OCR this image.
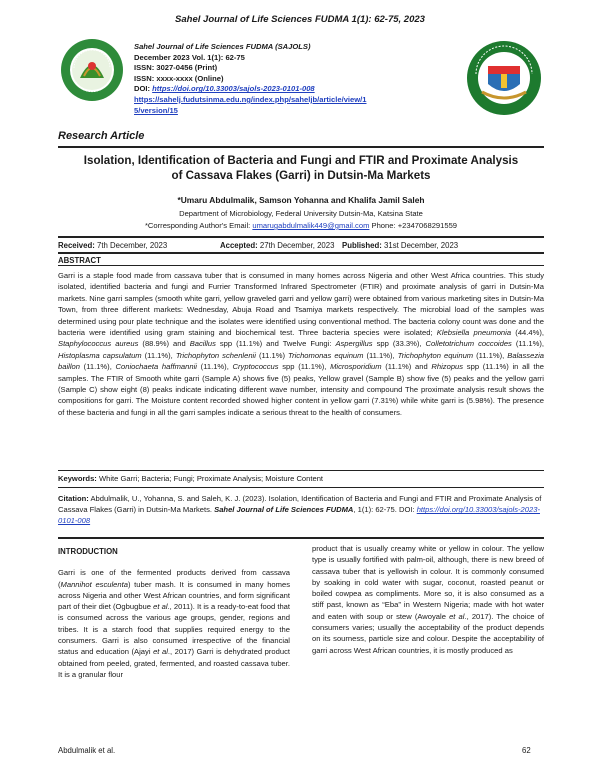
Sahel Journal of Life Sciences FUDMA 1(1): 62-75, 2023
Sahel Journal of Life Sciences FUDMA (SAJOLS)
December 2023 Vol. 1(1): 62-75
ISSN: 3027-0456 (Print)
ISSN: xxxx-xxxx (Online)
DOI: https://doi.org/10.33003/sajols-2023-0101-008
https://sahelj.fudutsinma.edu.ng/index.php/saheljb/article/view/1
5/version/15
Research Article
Isolation, Identification of Bacteria and Fungi and FTIR and Proximate Analysis
of Cassava Flakes (Garri) in Dutsin-Ma Markets
*Umaru Abdulmalik, Samson Yohanna and Khalifa Jamil Saleh
Department of Microbiology, Federal University Dutsin-Ma, Katsina State
*Corresponding Author's Email: umarugabdulmalik449@gmail.com Phone: +2347068291559
Received: 7th December, 2023	Accepted: 27th December, 2023 Published: 31st December, 2023
ABSTRACT
Garri is a staple food made from cassava tuber that is consumed in many homes across Nigeria and other West Africa countries. This study isolated, identified bacteria and fungi and Furrier Transformed Infrared Spectrometer (FTIR) and proximate analysis of garri in Dutsin-Ma markets. Nine garri samples (smooth white garri, yellow graveled garri and yellow garri) were obtained from various marketing sites in Dutsin-Ma Town, from three different markets: Wednesday, Abuja Road and Tsamiya markets respectively. The microbial load of the samples was determined using pour plate technique and the isolates were identified using conventional method. The bacteria colony count was done and the bacteria were identified using gram staining and biochemical test. Three bacteria species were isolated; Klebsiella pneumonia (44.4%), Staphylococcus aureus (88.9%) and Bacillus spp (11.1%) and Twelve Fungi: Aspergillus spp (33.3%), Colletotrichum coccoides (11.1%), Histoplasma capsulatum (11.1%), Trichophyton schenlenii (11.1%) Trichomonas equinum (11.1%), Trichophyton equinum (11.1%), Balassezia baillon (11.1%), Coniochaeta haffmannii (11.1%), Cryptococcus spp (11.1%), Microsporidium (11.1%) and Rhizopus spp (11.1%) in all the samples. The FTIR of Smooth white garri (Sample A) shows five (5) peaks, Yellow gravel (Sample B) show five (5) peaks and the yellow garri (Sample C) show eight (8) peaks indicate indicating different wave number, intensity and compound The proximate analysis result shows the compositions for garri. The Moisture content recorded showed higher content in yellow garri (7.31%) while white garri is (5.98%). The presence of these bacteria and fungi in all the garri samples indicate a serious threat to the health of consumers.
Keywords: White Garri; Bacteria; Fungi; Proximate Analysis; Moisture Content
Citation: Abdulmalik, U., Yohanna, S. and Saleh, K. J. (2023). Isolation, Identification of Bacteria and Fungi and FTIR and Proximate Analysis of Cassava Flakes (Garri) in Dutsin-Ma Markets. Sahel Journal of Life Sciences FUDMA, 1(1): 62-75. DOI: https://doi.org/10.33003/sajols-2023-0101-008
INTRODUCTION

Garri is one of the fermented products derived from cassava (Mannihot esculenta) tuber mash. It is consumed in many homes across Nigeria and other West African countries, and form significant part of their diet (Ogbugbue et al., 2011). It is a ready-to-eat food that is consumed across the various age groups, gender, regions and tribes. It is a starch food that supplies required energy to the consumers. Garri is also consumed irrespective of the financial status and education (Ajayi et al., 2017) Garri is dehydrated product obtained from peeled, grated, fermented, and roasted cassava tuber. It is a granular flour

product that is usually creamy white or yellow in colour. The yellow type is usually fortified with palm-oil, although, there is new breed of cassava tuber that is yellowish in colour. It is commonly consumed by soaking in cold water with sugar, coconut, roasted peanut or boiled cowpea as compliments. More so, it is also consumed as a stiff past, known as “Eba” in Western Nigeria; made with hot water and eaten with soup or stew (Awoyale et al., 2017). The choice of consumers varies; usually the acceptability of the product depends on its sourness, particle size and colour. Despite the acceptability of garri across West African countries, it is mostly produced as

Abdulmalik et al.	62
